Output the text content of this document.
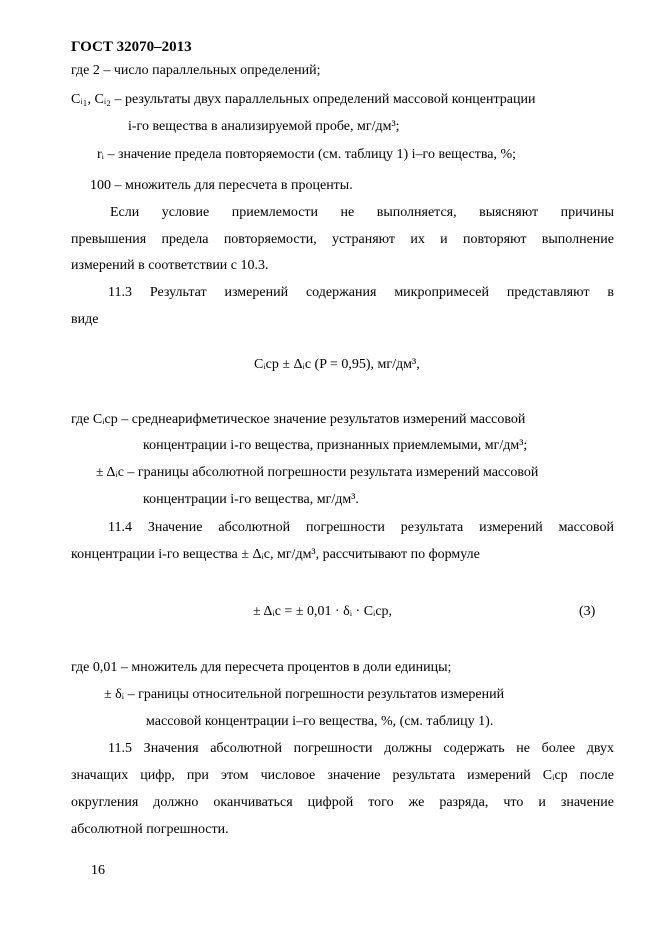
ГОСТ 32070–2013
где 2 – число параллельных определений;
Cᵢ₁, Cᵢ₂ – результаты двух параллельных определений массовой концентрации
i-го вещества в анализируемой пробе, мг/дм³;
rᵢ – значение предела повторяемости (см. таблицу 1) i–го вещества, %;
100 – множитель для пересчета в проценты.
Если условие приемлемости не выполняется, выясняют причины
превышения предела повторяемости, устраняют их и повторяют выполнение
измерений в соответствии с 10.3.
11.3 Результат измерений содержания микропримесей представляют в
виде
Cᵢср ± Δᵢс (P = 0,95), мг/дм³,
где Cᵢср – среднеарифметическое значение результатов измерений массовой
концентрации i-го вещества, признанных приемлемыми, мг/дм³;
± Δᵢс – границы абсолютной погрешности результата измерений массовой
концентрации i-го вещества, мг/дм³.
11.4 Значение абсолютной погрешности результата измерений массовой
концентрации i-го вещества ± Δᵢс, мг/дм³, рассчитывают по формуле
± Δᵢс = ± 0,01 · δᵢ · Cᵢср,	(3)
где 0,01 – множитель для пересчета процентов в доли единицы;
± δᵢ – границы относительной погрешности результатов измерений
массовой концентрации i–го вещества, %, (см. таблицу 1).
11.5 Значения абсолютной погрешности должны содержать не более двух
значащих цифр, при этом числовое значение результата измерений Cᵢср после
округления должно оканчиваться цифрой того же разряда, что и значение
абсолютной погрешности.
16
